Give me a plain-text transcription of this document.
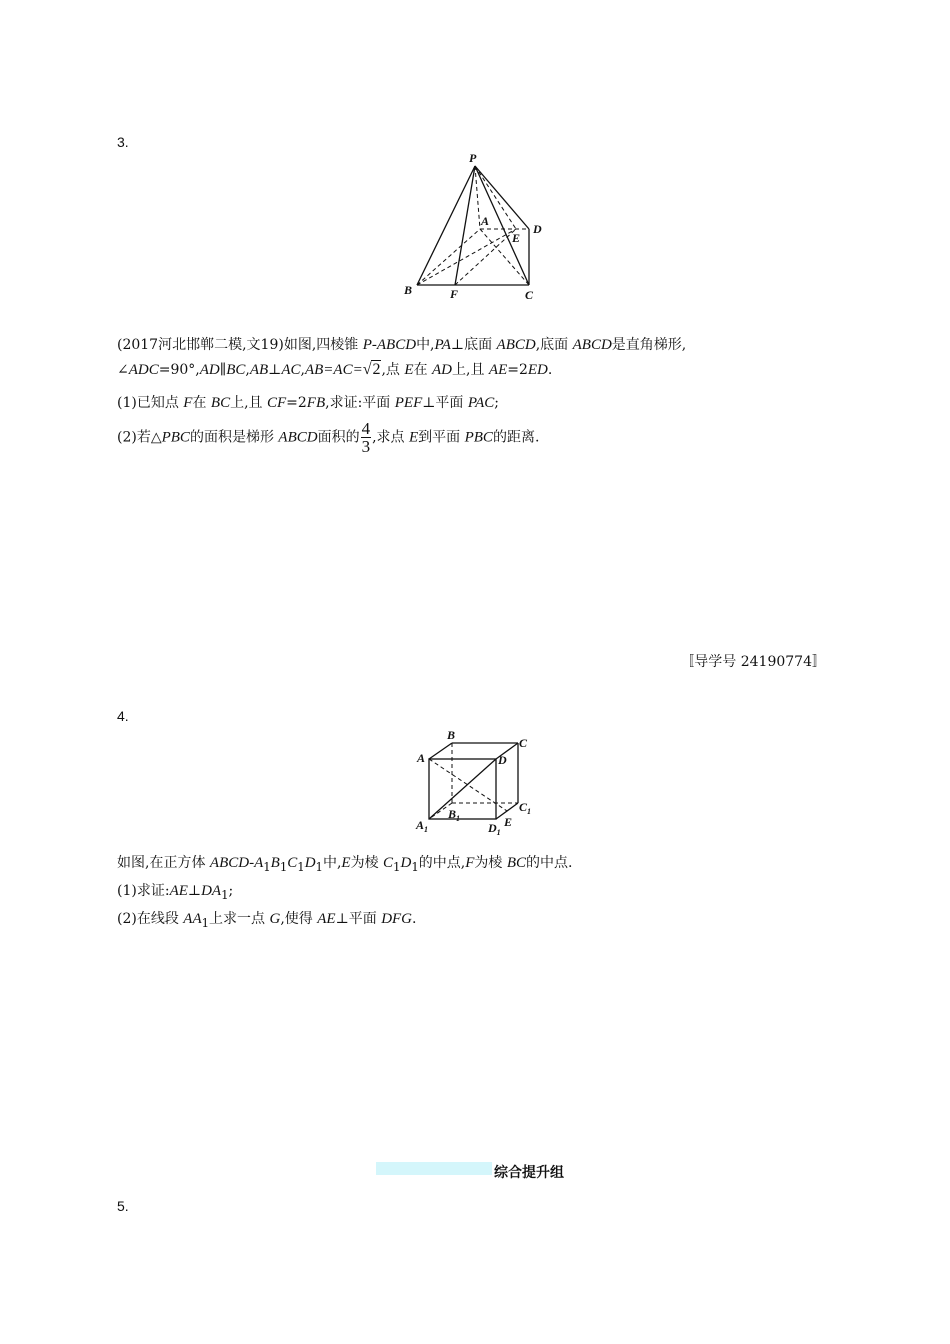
3.
P
A
E
D
B	F	C
(2017河北邯郸二模,文19)如图,四棱锥 P-ABCD中,PA⊥底面 ABCD,底面 ABCD是直角梯形,
∠ADC=90°,AD∥BC,AB⊥AC,AB=AC=√2,点 E在 AD上,且 AE=2ED.
(1)已知点 F在 BC上,且 CF=2FB,求证:平面 PEF⊥平面 PAC;
(2)若△PBC的面积是梯形 ABCD面积的 $\frac{4}{3}$ ,求点 E到平面 PBC的距离.
〚导学号 24190774〛
4.
B
C
A	D
$C_1$
$B_1$
$A_1$	$D_1$
E
如图,在正方体 ABCD-$A_1B_1C_1D_1$中,E为棱 $C_1D_1$的中点,F为棱 BC的中点.
(1)求证$:AE\perp DA_1$;
(2)在线段 $AA_1$上求一点 G,使得 AE⊥平面 DFG.
综合提升组
5.
